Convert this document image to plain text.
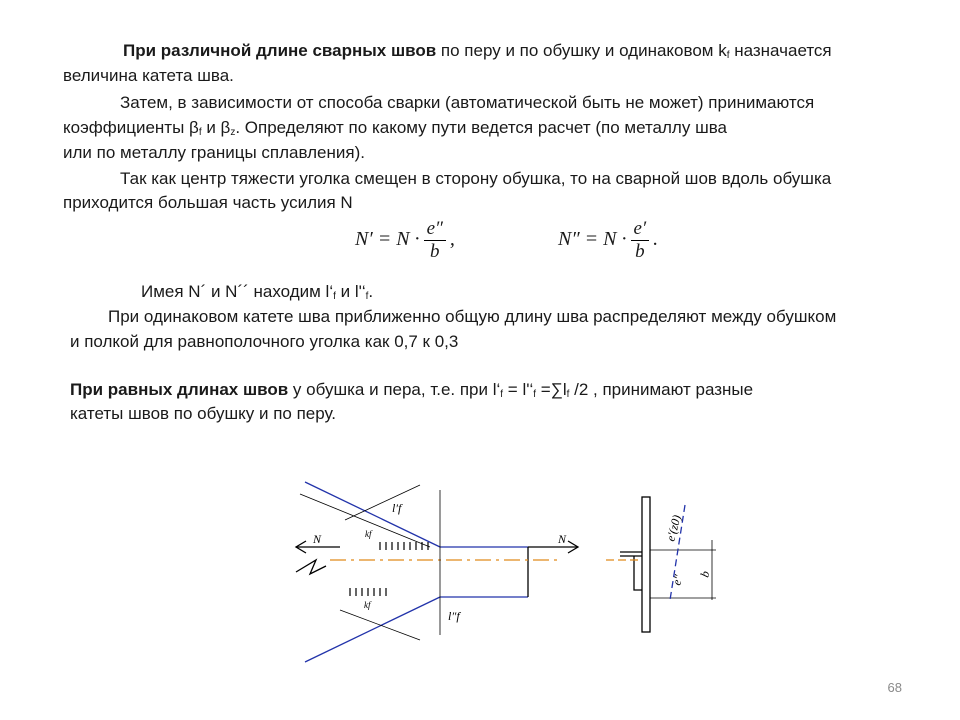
При различной длине сварных швов по перу и по обушку и одинаковом $k_f$ назначается
величина катета шва.
Затем, в зависимости от способа сварки (автоматической быть не может) принимаются
коэффициенты $\beta_f$ и $\beta_z$. Определяют по какому пути ведется расчет (по металлу шва
или по металлу границы сплавления).
Так как центр тяжести уголка смещен в сторону обушка, то на сварной шов вдоль обушка
приходится большая часть усилия N
$N' = N \cdot \frac{e''}{b}$ ,	$N'' = N \cdot \frac{e'}{b}$ .
Имея N´ и N´´ находим $l‘_f$ и $l'‘_f$.
При одинаковом катете шва приближенно общую длину шва распределяют между обушком
и полкой для равнополочного уголка как 0,7 к 0,3
При равных длинах швов у обушка и пера, т.е. при $l‘_f$ = $l'‘_f =\sum l_f$ /2 , принимают разные
катеты швов по обушку и по перу.
N	N
l′f
l″f
kf
kf
e′(z0)
e″ b
68
